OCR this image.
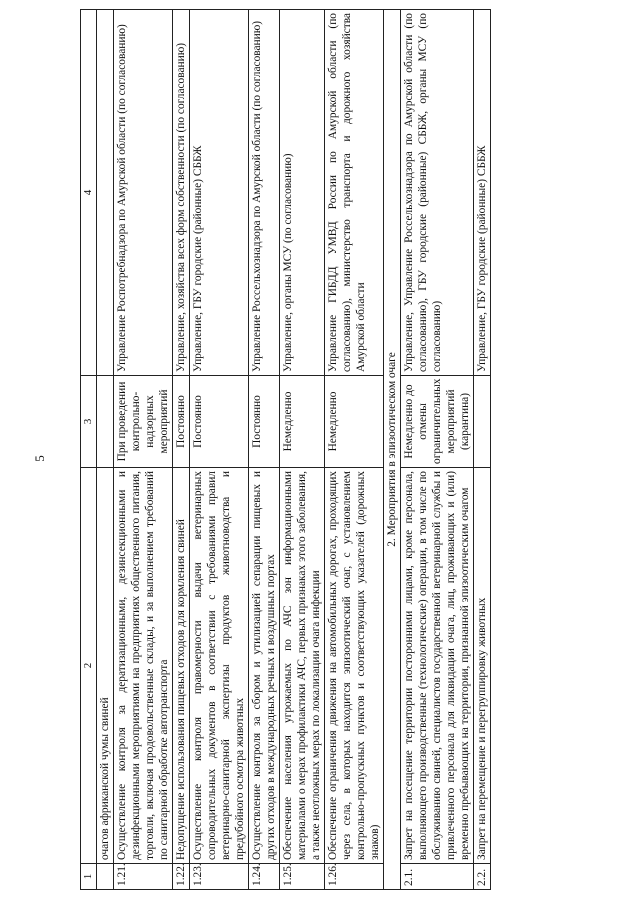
5
1	2	3	4
	очагов африканской чумы свиней		
1.21.	Осуществление контроля за дератизационными, дезинсекционными и дезинфекционными мероприятиями на предприятиях общественного питания, торговли, включая продовольственные склады, и за выполнением требований по санитарной обработке автотранспорта	При проведении контрольно-надзорных мероприятий	Управление Роспотребнадзора по Амурской области (по согласованию)
1.22.	Недопущение использования пищевых отходов для кормления свиней	Постоянно	Управление, хозяйства всех форм собственности (по согласованию)
1.23.	Осуществление контроля правомерности выдачи ветеринарных сопроводительных документов в соответствии с требованиями правил ветеринарно-санитарной экспертизы продуктов животноводства и предубойного осмотра животных	Постоянно	Управление, ГБУ городские (районные) СББЖ
1.24.	Осуществление контроля за сбором и утилизацией сепарации пищевых и других отходов в международных речных и воздушных портах	Постоянно	Управление Россельхознадзора по Амурской области (по согласованию)
1.25.	Обеспечение населения угрожаемых по АЧС зон информационными материалами о мерах профилактики АЧС, первых признаках этого заболевания, а также неотложных мерах по локализации очага инфекции	Немедленно	Управление, органы МСУ (по согласованию)
1.26.	Обеспечение ограничения движения на автомобильных дорогах, проходящих через села, в которых находится эпизоотический очаг, с установлением контрольно-пропускных пунктов и соответствующих указателей (дорожных знаков)	Немедленно	Управление ГИБДД УМВД России по Амурской области (по согласованию), министерство транспорта и дорожного хозяйства Амурской области
2. Мероприятия в эпизоотическом очаге			
2.1.	Запрет на посещение территории посторонними лицами, кроме персонала, выполняющего производственные (технологические) операции, в том числе по обслуживанию свиней, специалистов государственной ветеринарной службы и привлеченного персонала для ликвидации очага, лиц, проживающих и (или) временно пребывающих на территории, признанной эпизоотическим очагом	Немедленно до отмены ограничительных мероприятий (карантина)	Управление, Управление Россельхознадзора по Амурской области (по согласованию), ГБУ городские (районные) СББЖ, органы МСУ (по согласованию)
2.2.	Запрет на перемещение и перегруппировку животных		Управление, ГБУ городские (районные) СББЖ
